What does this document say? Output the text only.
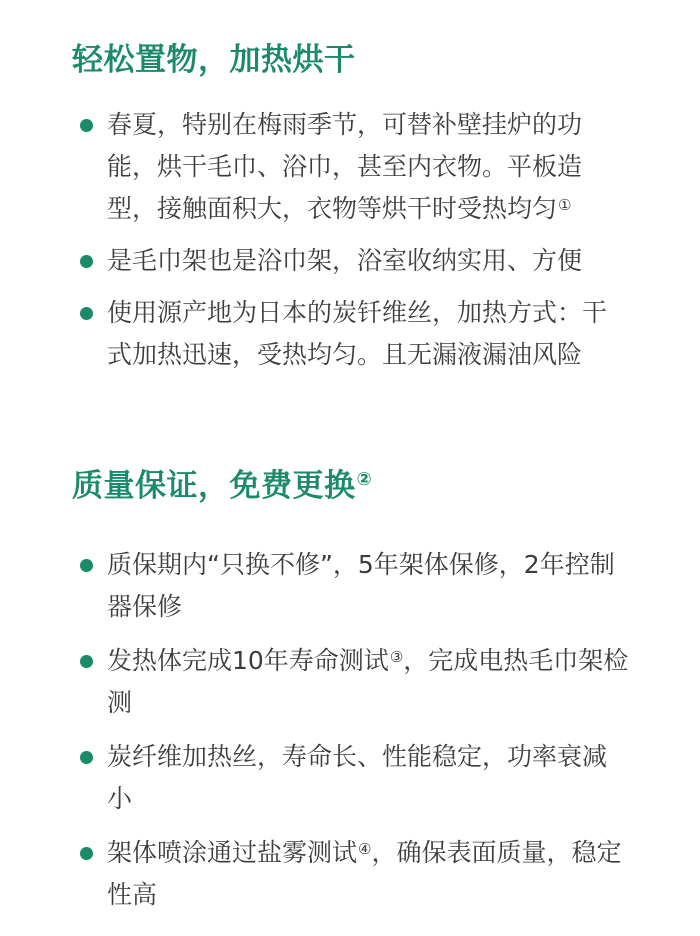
轻松置物，加热烘干
春夏，特别在梅雨季节，可替补壁挂炉的功能，烘干毛巾、浴巾，甚至内衣物。平板造型，接触面积大，衣物等烘干时受热均匀①
是毛巾架也是浴巾架，浴室收纳实用、方便
使用源产地为日本的炭钎维丝，加热方式：干式加热迅速，受热均匀。且无漏液漏油风险
质量保证，免费更换②
质保期内“只换不修”，5年架体保修，2年控制器保修
发热体完成10年寿命测试③，完成电热毛巾架检测
炭纤维加热丝，寿命长、性能稳定，功率衰减小
架体喷涂通过盐雾测试④，确保表面质量，稳定性高
